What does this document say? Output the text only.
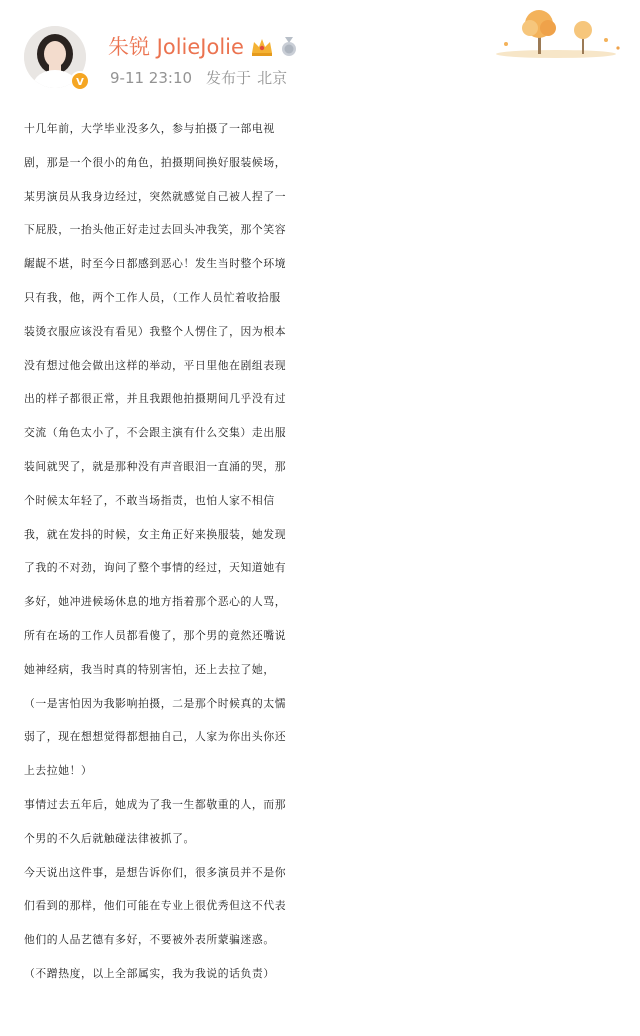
V
朱锐 JolieJolie
9-11 23:10 发布于 北京

十几年前，大学毕业没多久，参与拍摄了一部电视

剧，那是一个很小的角色，拍摄期间换好服装候场，

某男演员从我身边经过，突然就感觉自己被人捏了一

下屁股，一抬头他正好走过去回头冲我笑，那个笑容

龌龊不堪，时至今日都感到恶心！发生当时整个环境

只有我，他，两个工作人员，（工作人员忙着收拾服

装烫衣服应该没有看见）我整个人愣住了，因为根本

没有想过他会做出这样的举动，平日里他在剧组表现

出的样子都很正常，并且我跟他拍摄期间几乎没有过

交流（角色太小了，不会跟主演有什么交集）走出服

装间就哭了，就是那种没有声音眼泪一直涌的哭，那

个时候太年轻了，不敢当场指责，也怕人家不相信

我，就在发抖的时候，女主角正好来换服装，她发现

了我的不对劲，询问了整个事情的经过，天知道她有

多好，她冲进候场休息的地方指着那个恶心的人骂，

所有在场的工作人员都看傻了，那个男的竟然还嘴说

她神经病，我当时真的特别害怕，还上去拉了她，

（一是害怕因为我影响拍摄，二是那个时候真的太懦

弱了，现在想想觉得都想抽自己，人家为你出头你还

上去拉她！）

事情过去五年后，她成为了我一生都敬重的人，而那

个男的不久后就触碰法律被抓了。

今天说出这件事，是想告诉你们，很多演员并不是你

们看到的那样，他们可能在专业上很优秀但这不代表

他们的人品艺德有多好，不要被外表所蒙骗迷惑。

（不蹭热度，以上全部属实，我为我说的话负责）
